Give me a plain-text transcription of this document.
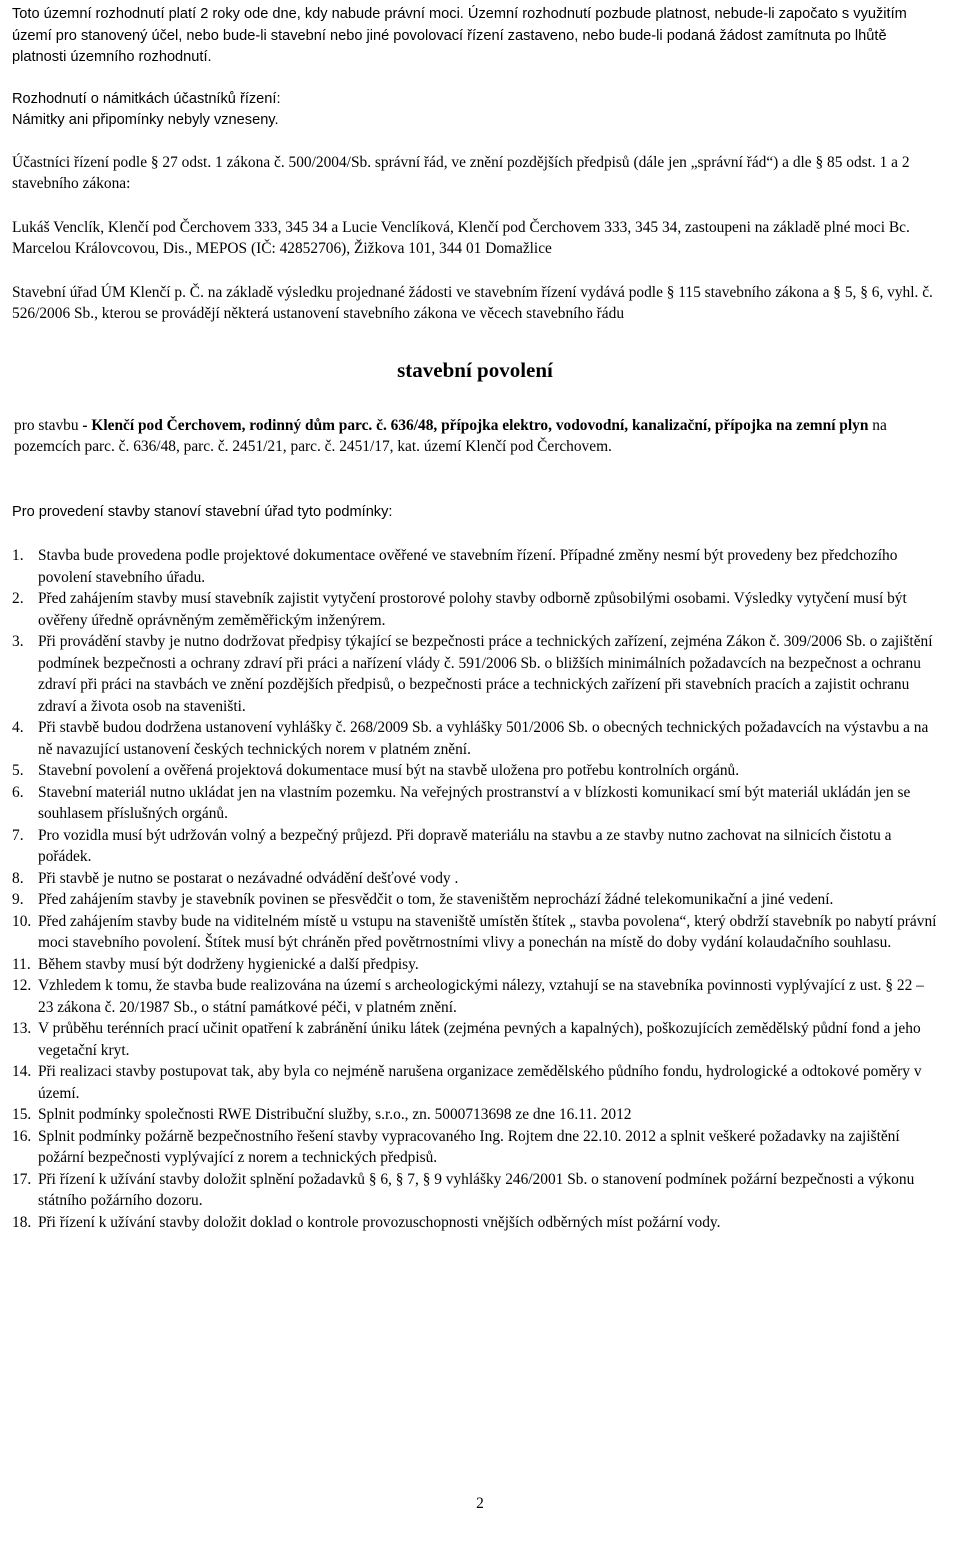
Toto územní rozhodnutí platí 2 roky ode dne, kdy nabude právní moci. Územní rozhodnutí pozbude platnost, nebude-li započato s využitím území pro stanovený účel, nebo bude-li stavební nebo jiné povolovací řízení zastaveno, nebo bude-li podaná žádost zamítnuta po lhůtě platnosti územního rozhodnutí.

Rozhodnutí o námitkách účastníků řízení:

Námitky ani připomínky nebyly vzneseny.

Účastníci řízení podle § 27 odst. 1 zákona č. 500/2004/Sb. správní řád, ve znění pozdějších předpisů (dále jen „správní řád“) a dle § 85 odst. 1 a 2 stavebního zákona:

Lukáš Venclík, Klenčí pod Čerchovem 333, 345 34 a Lucie Venclíková, Klenčí pod Čerchovem 333, 345 34, zastoupeni na základě plné moci Bc. Marcelou Královcovou, Dis., MEPOS (IČ: 42852706), Žižkova 101, 344 01 Domažlice

Stavební úřad ÚM Klenčí p. Č. na základě výsledku projednané žádosti ve stavebním řízení vydává podle § 115 stavebního zákona a § 5, § 6, vyhl. č. 526/2006 Sb., kterou se provádějí některá ustanovení stavebního zákona ve věcech stavebního řádu

stavební povolení

pro stavbu - Klenčí pod Čerchovem, rodinný dům parc. č. 636/48, přípojka elektro, vodovodní, kanalizační, přípojka na zemní plyn na pozemcích parc. č. 636/48, parc. č. 2451/21, parc. č. 2451/17, kat. území Klenčí pod Čerchovem.

Pro provedení stavby stanoví stavební úřad tyto podmínky:

1. Stavba bude provedena podle projektové dokumentace ověřené ve stavebním řízení. Případné změny nesmí být provedeny bez předchozího povolení stavebního úřadu.
2. Před zahájením stavby musí stavebník zajistit vytyčení prostorové polohy stavby odborně způsobilými osobami. Výsledky vytyčení musí být ověřeny úředně oprávněným zeměměřickým inženýrem.
3. Při provádění stavby je nutno dodržovat předpisy týkající se bezpečnosti práce a technických zařízení, zejména Zákon č. 309/2006 Sb. o zajištění podmínek bezpečnosti a ochrany zdraví při práci a nařízení vlády č. 591/2006 Sb. o bližších minimálních požadavcích na bezpečnost a ochranu zdraví při práci na stavbách ve znění pozdějších předpisů, o bezpečnosti práce a technických zařízení při stavebních pracích a zajistit ochranu zdraví a života osob na staveništi.
4. Při stavbě budou dodržena ustanovení vyhlášky č. 268/2009 Sb. a vyhlášky 501/2006 Sb. o obecných technických požadavcích na výstavbu a na ně navazující ustanovení českých technických norem v platném znění.
5. Stavební povolení a ověřená projektová dokumentace musí být na stavbě uložena pro potřebu kontrolních orgánů.
6. Stavební materiál nutno ukládat jen na vlastním pozemku. Na veřejných prostranství a v blízkosti komunikací smí být materiál ukládán jen se souhlasem příslušných orgánů.
7. Pro vozidla musí být udržován volný a bezpečný průjezd. Při dopravě materiálu na stavbu a ze stavby nutno zachovat na silnicích čistotu a pořádek.
8. Při stavbě je nutno se postarat o nezávadné odvádění dešťové vody .
9. Před zahájením stavby je stavebník povinen se přesvědčit o tom, že staveništěm neprochází žádné telekomunikační a jiné vedení.
10. Před zahájením stavby bude na viditelném místě u vstupu na staveniště umístěn štítek „ stavba povolena“, který obdrží stavebník po nabytí právní moci stavebního povolení. Štítek musí být chráněn před povětrnostními vlivy a ponechán na místě do doby vydání kolaudačního souhlasu.
11. Během stavby musí být dodrženy hygienické a další předpisy.
12. Vzhledem k tomu, že stavba bude realizována na území s archeologickými nálezy, vztahují se na stavebníka povinnosti vyplývající z ust. § 22 – 23 zákona č. 20/1987 Sb., o státní památkové péči, v platném znění.
13. V průběhu terénních prací učinit opatření k zabránění úniku látek (zejména pevných a kapalných), poškozujících zemědělský půdní fond a jeho vegetační kryt.
14. Při realizaci stavby postupovat tak, aby byla co nejméně narušena organizace zemědělského půdního fondu, hydrologické a odtokové poměry v území.
15. Splnit podmínky společnosti RWE Distribuční služby, s.r.o., zn. 5000713698 ze dne 16.11. 2012
16. Splnit podmínky požárně bezpečnostního řešení stavby vypracovaného Ing. Rojtem dne 22.10. 2012 a splnit veškeré požadavky na zajištění požární bezpečnosti vyplývající z norem a technických předpisů.
17. Při řízení k užívání stavby doložit splnění požadavků § 6, § 7, § 9 vyhlášky 246/2001 Sb. o stanovení podmínek požární bezpečnosti a výkonu státního požárního dozoru.
18. Při řízení k užívání stavby doložit doklad o kontrole provozuschopnosti vnějších odběrných míst požární vody.
2
